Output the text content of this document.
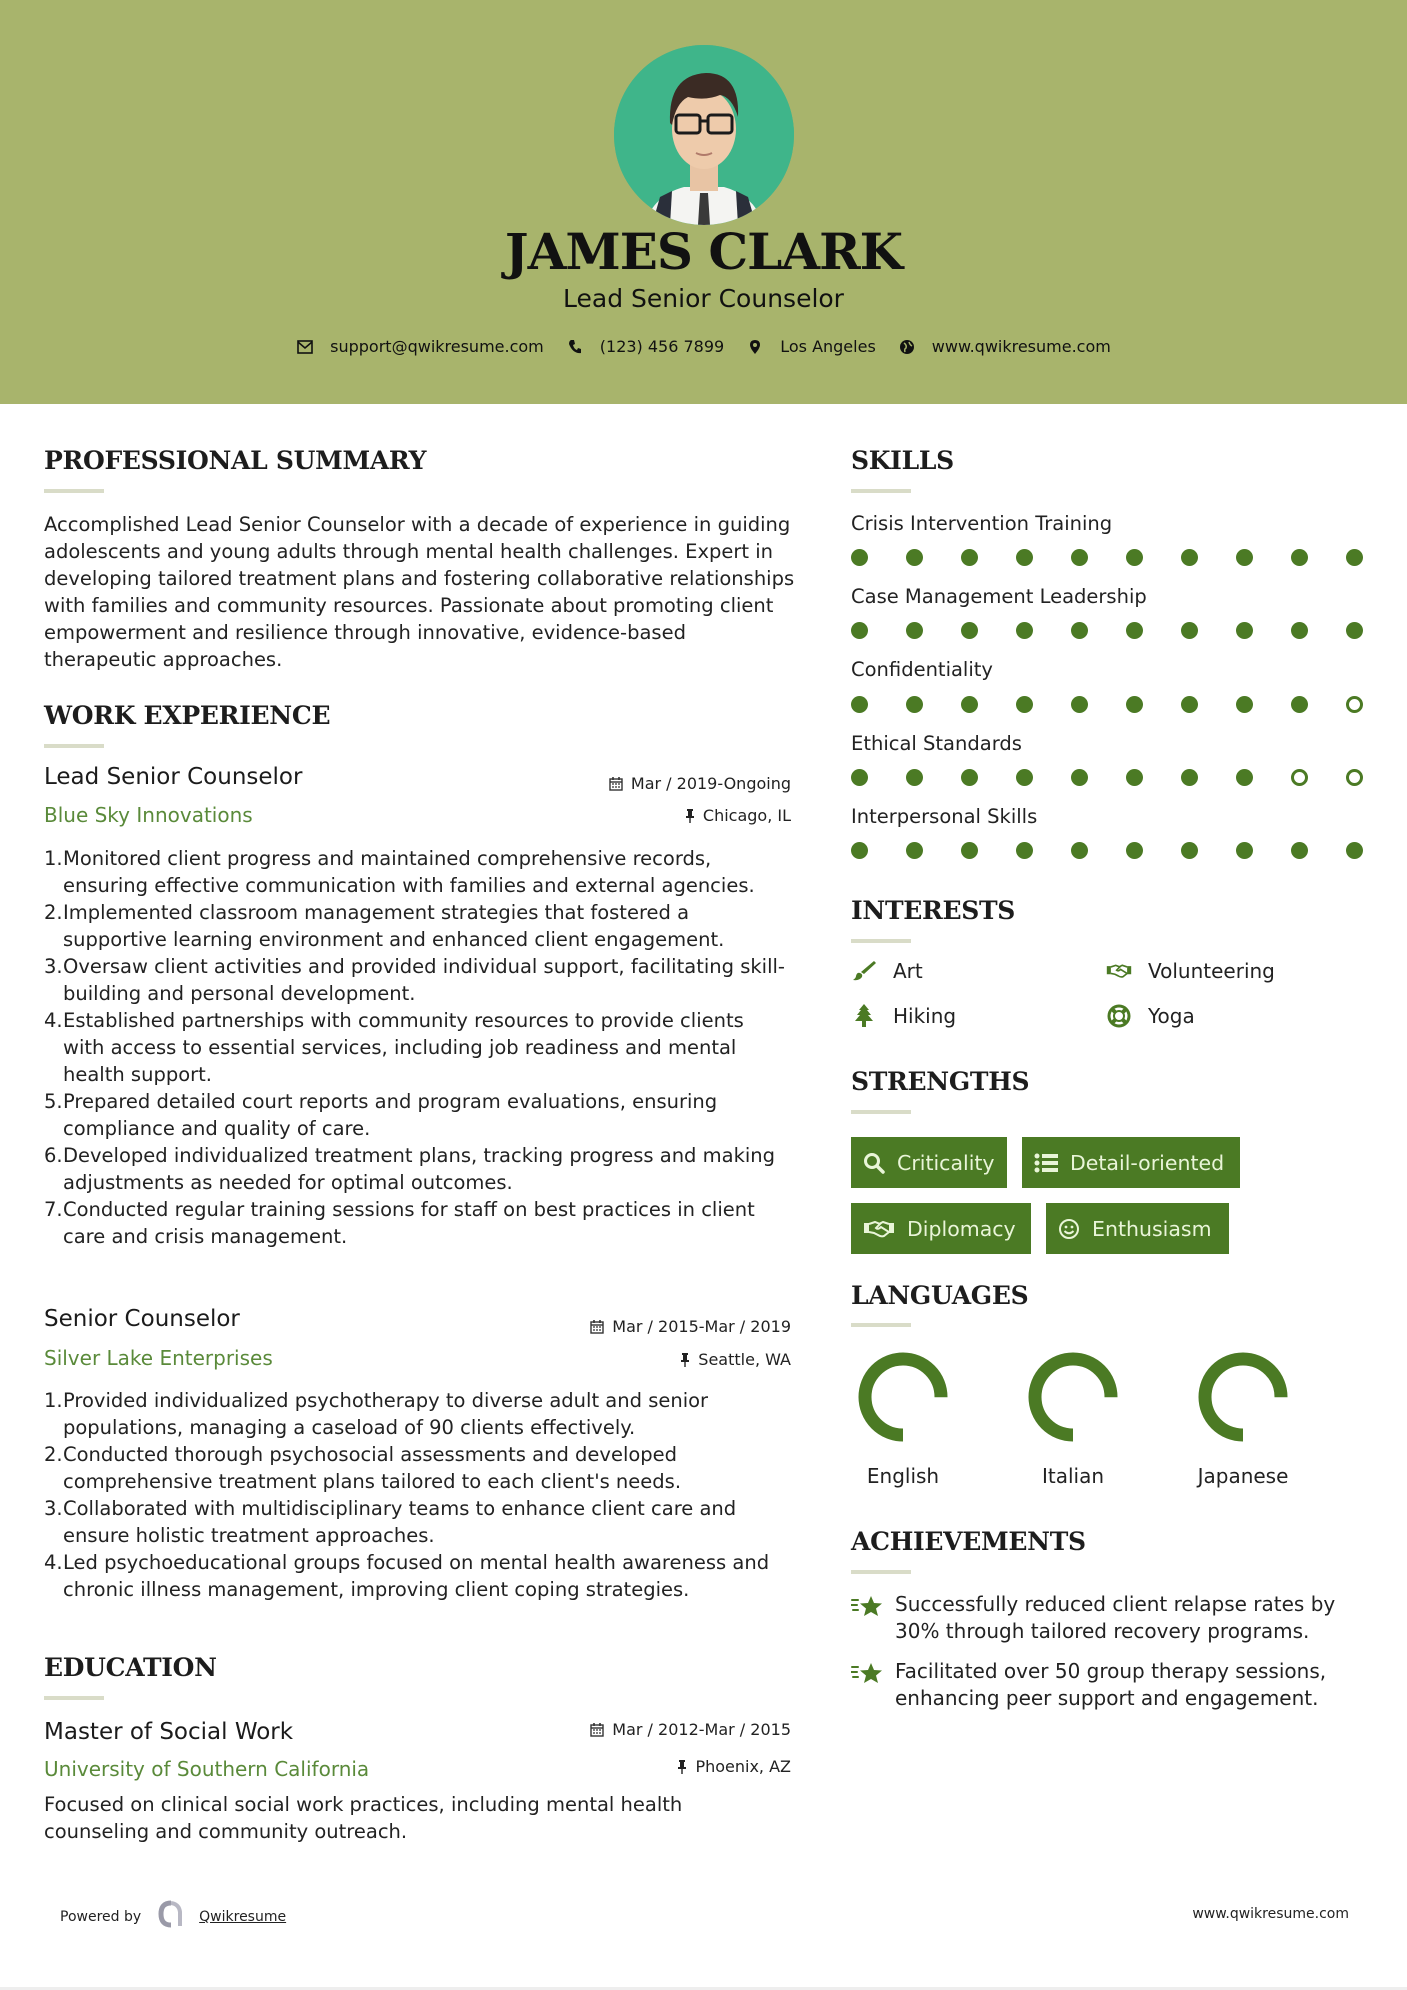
JAMES CLARK
Lead Senior Counselor
support@qwikresume.com	(123) 456 7899	Los Angeles	www.qwikresume.com
PROFESSIONAL SUMMARY
Accomplished Lead Senior Counselor with a decade of experience in guiding adolescents and young adults through mental health challenges. Expert in developing tailored treatment plans and fostering collaborative relationships with families and community resources. Passionate about promoting client empowerment and resilience through innovative, evidence-based therapeutic approaches.
WORK EXPERIENCE
Lead Senior Counselor	Mar / 2019-Ongoing
Blue Sky Innovations	Chicago, IL
1. Monitored client progress and maintained comprehensive records, ensuring effective communication with families and external agencies.
2. Implemented classroom management strategies that fostered a supportive learning environment and enhanced client engagement.
3. Oversaw client activities and provided individual support, facilitating skill-building and personal development.
4. Established partnerships with community resources to provide clients with access to essential services, including job readiness and mental health support.
5. Prepared detailed court reports and program evaluations, ensuring compliance and quality of care.
6. Developed individualized treatment plans, tracking progress and making adjustments as needed for optimal outcomes.
7. Conducted regular training sessions for staff on best practices in client care and crisis management.
Senior Counselor	Mar / 2015-Mar / 2019
Silver Lake Enterprises	Seattle, WA
1. Provided individualized psychotherapy to diverse adult and senior populations, managing a caseload of 90 clients effectively.
2. Conducted thorough psychosocial assessments and developed comprehensive treatment plans tailored to each client's needs.
3. Collaborated with multidisciplinary teams to enhance client care and ensure holistic treatment approaches.
4. Led psychoeducational groups focused on mental health awareness and chronic illness management, improving client coping strategies.
EDUCATION
Master of Social Work	Mar / 2012-Mar / 2015
University of Southern California	Phoenix, AZ
Focused on clinical social work practices, including mental health counseling and community outreach.
SKILLS
Crisis Intervention Training
Case Management Leadership
Confidentiality
Ethical Standards
Interpersonal Skills
INTERESTS
Art	Volunteering
Hiking	Yoga
STRENGTHS
Criticality	Detail-oriented
Diplomacy	Enthusiasm
LANGUAGES
English	Italian	Japanese
ACHIEVEMENTS
Successfully reduced client relapse rates by 30% through tailored recovery programs.
Facilitated over 50 group therapy sessions, enhancing peer support and engagement.
Powered by	Qwikresume	www.qwikresume.com
